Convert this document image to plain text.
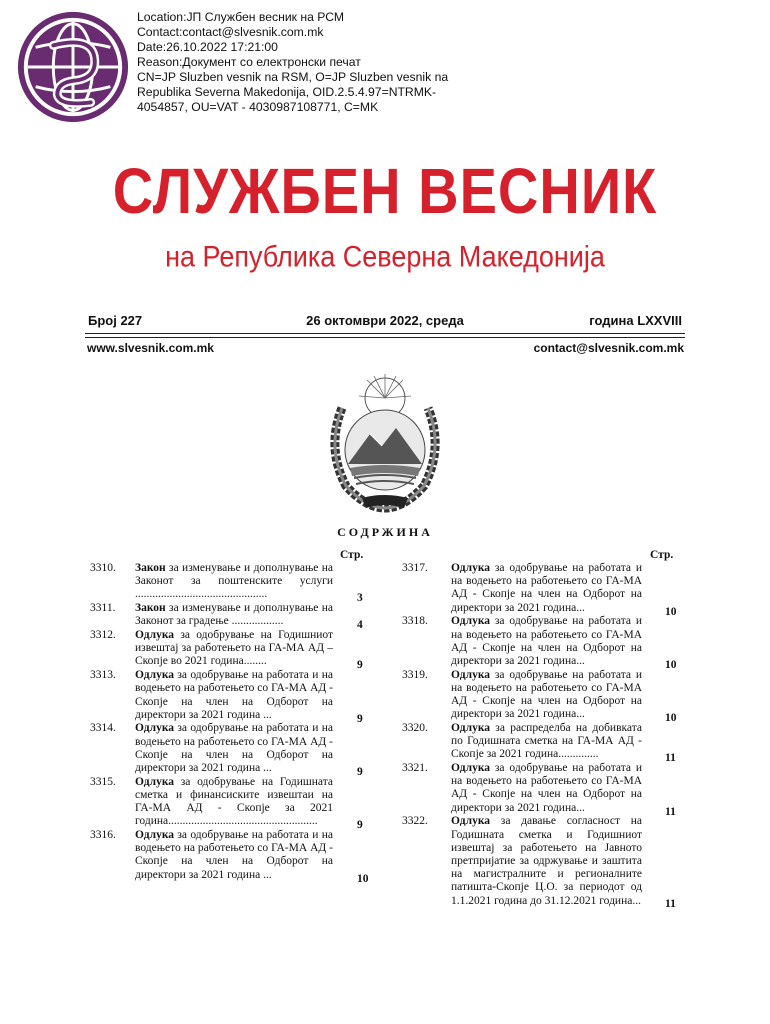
Location:ЈП Службен весник на РСМ
Contact:contact@slvesnik.com.mk
Date:26.10.2022 17:21:00
Reason:Документ со електронски печат
CN=JP Sluzben vesnik na RSM, O=JP Sluzben vesnik na Republika Severna Makedonija, OID.2.5.4.97=NTRMK-4054857, OU=VAT - 4030987108771, C=MK
СЛУЖБЕН ВЕСНИК
на Република Северна Македонија
Број 227	26 октомври 2022, среда	година LXXVIII
www.slvesnik.com.mk	contact@slvesnik.com.mk
СОДРЖИНА
Стр.	Стр.
3310. Закон за изменување и дополнување на Законот за поштенските услуги ..............................................	3
3311. Закон за изменување и дополнување на Законот за градење ..................	4
3312. Одлука за одобрување на Годишниот извештај за работењето на ГА-МА АД – Скопје во 2021 година........	9
3313. Одлука за одобрување на работата и на водењето на работењето со ГА-МА АД - Скопје на член на Одборот на директори за 2021 година ...	9
3314. Одлука за одобрување на работата и на водењето на работењето со ГА-МА АД - Скопје на член на Одборот на директори за 2021 година ...	9
3315. Одлука за одобрување на Годишната сметка и финансиските извештаи на ГА-МА АД - Скопје за 2021 година....................................................	9
3316. Одлука за одобрување на работата и на водењето на работењето со ГА-МА АД - Скопје на член на Одборот на директори за 2021 година ...	10
3317. Одлука за одобрување на работата и на водењето на работењето со ГА-МА АД - Скопје на член на Одборот на директори за 2021 година...	10
3318. Одлука за одобрување на работата и на водењето на работењето со ГА-МА АД - Скопје на член на Одборот на директори за 2021 година...	10
3319. Одлука за одобрување на работата и на водењето на работењето со ГА-МА АД - Скопје на член на Одборот на директори за 2021 година...	10
3320. Одлука за распределба на добивката по Годишната сметка на ГА-МА АД - Скопје за 2021 година..............	11
3321. Одлука за одобрување на работата и на водењето на работењето со ГА-МА АД - Скопје на член на Одборот на директори за 2021 година...	11
3322. Одлука за давање согласност на Годишната сметка и Годишниот извештај за работењето на Јавното претпријатие за одржување и заштита на магистралните и регионалните патишта-Скопје Ц.О. за периодот од 1.1.2021 година до 31.12.2021 година... 11
